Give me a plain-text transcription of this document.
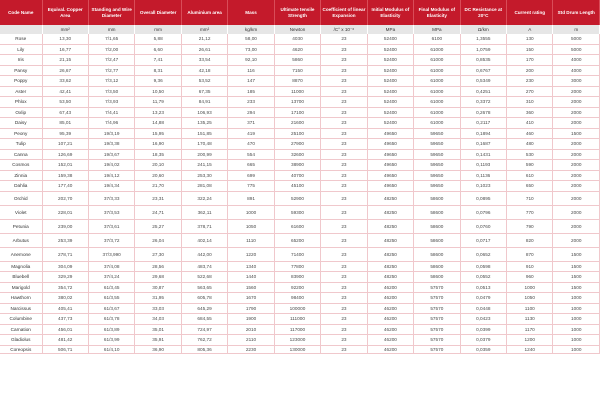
Code Name	Equival. Copper Area	Standing and Wire Diameter	Overall Diameter	Aluminium area	Mass	Ultimate tensile Strength	Coefficient of linear Expansion	Initial Modulus of Elasticity	Final Modulus of Elasticity	DC Resistance at 20°C	Current rating	Std Drum Length
	mm²	mm	mm	mm²	kg/km	Newton	/C° x 10⁻⁶	MPa	MPa	Ω/km	A	m
Rose	13,30	7/1,65	5,88	21,12	58,00	4030	23	52400	6100	1,3555	130	5000
Lily	16,77	7/2,00	6,60	26,61	73,00	4620	23	52400	61000	1,0759	150	5000
Iris	21,15	7/2,47	7,41	33,54	92,10	5860	23	52400	61000	0,8535	170	4000
Pansy	26,67	7/2,77	8,31	42,18	116	7150	23	52400	61000	0,6767	200	4000
Poppy	33,62	7/3,12	9,36	53,52	147	8870	23	52400	61000	0,5349	230	3000
Aster	42,41	7/3,50	10,50	67,35	185	11000	23	52400	61000	0,4251	270	2000
Phlox	53,50	7/3,93	11,79	84,91	233	13700	23	52400	61000	0,3372	310	2000
Oxlip	67,43	7/4,41	13,23	106,93	294	17100	23	52400	61000	0,2678	360	2000
Daisy	85,01	7/4,96	14,88	135,25	371	21600	23	52400	61000	0,2117	410	2000
Peony	95,39	19/3,19	15,95	151,85	419	25100	23	49650	59650	0,1894	460	1500
Tulip	107,21	19/3,38	16,90	170,48	470	27900	23	49650	59650	0,1687	480	2000
Canna	126,69	19/3,67	18,35	200,99	554	32600	23	49650	59650	0,1431	530	2000
Cosmos	152,01	19/4,02	20,10	241,15	665	38900	23	49650	59650	0,1193	590	2000
Zinnia	159,38	19/4,12	20,60	253,30	699	40700	23	49650	59650	0,1136	610	2000
Dahlia	177,40	19/4,34	21,70	281,08	775	45100	23	49650	59650	0,1023	650	2000
Orchid	202,70	37/3,33	23,31	322,24	891	52900	23	48250	58600	0,0895	710	2000
Violet	228,01	37/3,53	24,71	362,11	1000	59300	23	48250	58600	0,0796	770	2000
Petunia	239,00	37/3,61	25,27	378,71	1050	61600	23	48250	58600	0,0760	790	2000
Arbutus	253,39	37/3,72	26,04	402,14	1110	65200	23	48250	58600	0,0717	820	2000
Anemone	278,71	37/3,990	27,30	442,00	1220	71400	23	48250	58600	0,0652	870	1500
Magnolia	304,09	37/4,08	28,56	483,74	1340	77800	23	48250	58600	0,0598	910	1500
Bluebell	329,29	37/4,24	29,68	522,68	1440	83900	23	48250	58600	0,0552	960	1500
Marigold	354,72	61/3,45	30,87	563,65	1560	92200	23	46200	57570	0,0513	1000	1500
Hawthorn	380,02	61/3,55	31,95	605,78	1670	98400	23	46200	57570	0,0479	1050	1000
Narcissus	405,41	61/3,67	33,03	645,29	1790	100000	23	46200	57570	0,0448	1100	1000
Columbine	437,73	61/3,78	34,03	684,55	1900	111000	23	46200	57570	0,0423	1130	1000
Carnation	456,01	61/3,89	35,01	724,97	2010	117000	23	46200	57570	0,0399	1170	1000
Gladiolus	481,42	61/3,99	35,91	762,72	2110	123000	23	46200	57570	0,0379	1200	1000
Coreopsis	506,71	61/4,10	36,90	805,36	2230	130000	23	46200	57570	0,0359	1240	1000
